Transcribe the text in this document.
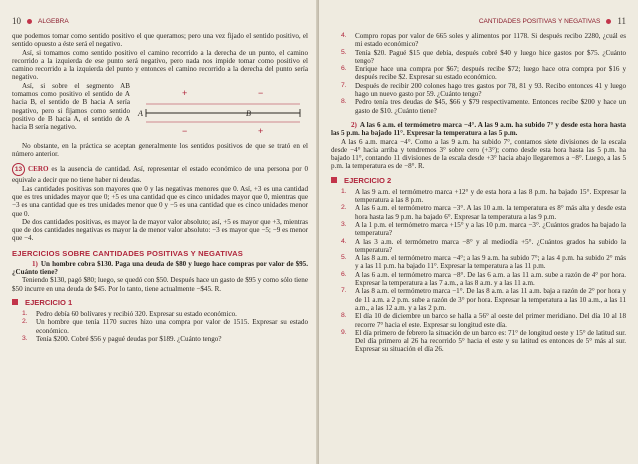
10	ALGEBRA

que podemos tomar como sentido positivo el que queramos; pero una vez fijado el sentido positivo, el sentido opuesto a éste será el negativo.

Así, si tomamos como sentido positivo el camino recorrido a la derecha de un punto, el camino recorrido a la izquierda de ese punto será negativo, pero nada nos impide tomar como positivo el camino recorrido a la izquierda del punto y entonces el camino recorrido a la derecha del punto sería negativo.

Así, si sobre el segmento AB tomamos como positivo el sentido de A hacia B, el sentido de B hacia A sería negativo, pero si fijamos como sentido positivo de B hacia A, el sentido de A hacia B sería negativo.

+	−
A	B
−	+

No obstante, en la práctica se aceptan generalmente los sentidos positivos de que se trató en el número anterior.

13 CERO es la ausencia de cantidad. Así, representar el estado económico de una persona por 0 equivale a decir que no tiene haber ni deudas.

Las cantidades positivas son mayores que 0 y las negativas menores que 0. Así, +3 es una cantidad que es tres unidades mayor que 0; +5 es una cantidad que es cinco unidades mayor que 0, mientras que −3 es una cantidad que es tres unidades menor que 0 y −5 es una cantidad que es cinco unidades menor que 0.

De dos cantidades positivas, es mayor la de mayor valor absoluto; así, +5 es mayor que +3, mientras que de dos cantidades negativas es mayor la de menor valor absoluto: −3 es mayor que −5; −9 es menor que −4.

EJERCICIOS SOBRE CANTIDADES POSITIVAS Y NEGATIVAS

1) Un hombre cobra $130. Paga una deuda de $80 y luego hace compras por valor de $95. ¿Cuánto tiene?

Teniendo $130, pagó $80; luego, se quedó con $50. Después hace un gasto de $95 y como sólo tiene $50 incurre en una deuda de $45. Por lo tanto, tiene actualmente −$45. R.

EJERCICIO 1
1.	Pedro debía 60 bolívares y recibió 320. Expresar su estado económico.
2.	Un hombre que tenía 1170 sucres hizo una compra por valor de 1515. Expresar su estado económico.
3.	Tenía $200. Cobré $56 y pagué deudas por $189. ¿Cuánto tengo?
CANTIDADES POSITIVAS Y NEGATIVAS 11
4.	Compro ropas por valor de 665 soles y alimentos por 1178. Si después recibo 2280, ¿cuál es mi estado económico?
5.	Tenía $20. Pagué $15 que debía, después cobré $40 y luego hice gastos por $75. ¿Cuánto tengo?
6.	Enrique hace una compra por $67; después recibe $72; luego hace otra compra por $16 y después recibe $2. Expresar su estado económico.
7.	Después de recibir 200 colones hago tres gastos por 78, 81 y 93. Recibo entonces 41 y luego hago un nuevo gasto por 59. ¿Cuánto tengo?
8.	Pedro tenía tres deudas de $45, $66 y $79 respectivamente. Entonces recibe $200 y hace un gasto de $10. ¿Cuánto tiene?

2) A las 6 a.m. el termómetro marca −4°. A las 9 a.m. ha subido 7° y desde esta hora hasta las 5 p.m. ha bajado 11°. Expresar la temperatura a las 5 p.m.

A las 6 a.m. marca −4°. Como a las 9 a.m. ha subido 7°, contamos siete divisiones de la escala desde −4° hacia arriba y tendremos 3° sobre cero (+3°); como desde esta hora hasta las 5 p.m. ha bajado 11°, contando 11 divisiones de la escala desde +3° hacia abajo llegaremos a −8°. Luego, a las 5 p.m. la temperatura es de −8°. R.

EJERCICIO 2
1.	A las 9 a.m. el termómetro marca +12° y de esta hora a las 8 p.m. ha bajado 15°. Expresar la temperatura a las 8 p.m.
2.	A las 6 a.m. el termómetro marca −3°. A las 10 a.m. la temperatura es 8° más alta y desde esta hora hasta las 9 p.m. ha bajado 6°. Expresar la temperatura a las 9 p.m.
3.	A la 1 p.m. el termómetro marca +15° y a las 10 p.m. marca −3°. ¿Cuántos grados ha bajado la temperatura?
4.	A las 3 a.m. el termómetro marca −8° y al mediodía +5°. ¿Cuántos grados ha subido la temperatura?
5.	A las 8 a.m. el termómetro marca −4°; a las 9 a.m. ha subido 7°; a las 4 p.m. ha subido 2° más y a las 11 p.m. ha bajado 11°. Expresar la temperatura a las 11 p.m.
6.	A las 6 a.m. el termómetro marca −8°. De las 6 a.m. a las 11 a.m. sube a razón de 4° por hora. Expresar la temperatura a las 7 a.m., a las 8 a.m. y a las 11 a.m.
7.	A las 8 a.m. el termómetro marca −1°. De las 8 a.m. a las 11 a.m. baja a razón de 2° por hora y de 11 a.m. a 2 p.m. sube a razón de 3° por hora. Expresar la temperatura a las 10 a.m., a las 11 a.m., a las 12 a.m. y a las 2 p.m.
8.	El día 10 de diciembre un barco se halla a 56° al oeste del primer meridiano. Del día 10 al 18 recorre 7° hacia el este. Expresar su longitud este día.
9.	El día primero de febrero la situación de un barco es: 71° de longitud oeste y 15° de latitud sur. Del día primero al 26 ha recorrido 5° hacia el este y su latitud es entonces de 5° más al sur. Expresar su situación el día 26.
